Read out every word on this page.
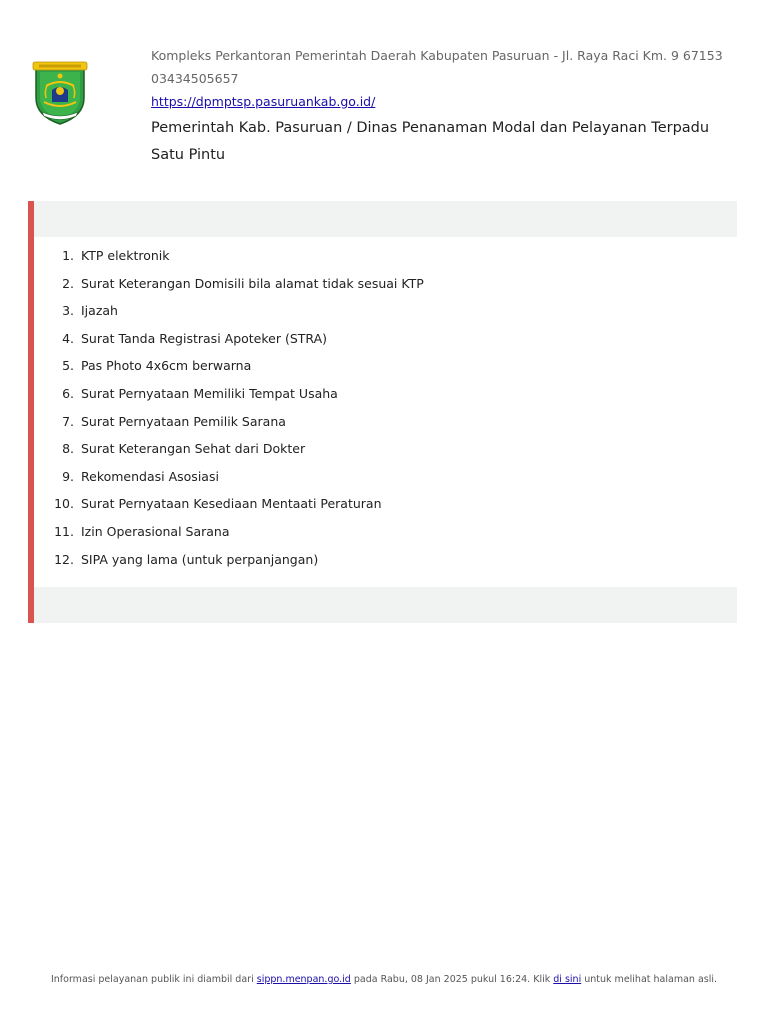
Kompleks Perkantoran Pemerintah Daerah Kabupaten Pasuruan - Jl. Raya Raci Km. 9 67153
03434505657
https://dpmptsp.pasuruankab.go.id/
Pemerintah Kab. Pasuruan / Dinas Penanaman Modal dan Pelayanan Terpadu
Satu Pintu
1. KTP elektronik
2. Surat Keterangan Domisili bila alamat tidak sesuai KTP
3. Ijazah
4. Surat Tanda Registrasi Apoteker (STRA)
5. Pas Photo 4x6cm berwarna
6. Surat Pernyataan Memiliki Tempat Usaha
7. Surat Pernyataan Pemilik Sarana
8. Surat Keterangan Sehat dari Dokter
9. Rekomendasi Asosiasi
10. Surat Pernyataan Kesediaan Mentaati Peraturan
11. Izin Operasional Sarana
12. SIPA yang lama (untuk perpanjangan)
Informasi pelayanan publik ini diambil dari sippn.menpan.go.id pada Rabu, 08 Jan 2025 pukul 16:24. Klik di sini untuk melihat halaman asli.
